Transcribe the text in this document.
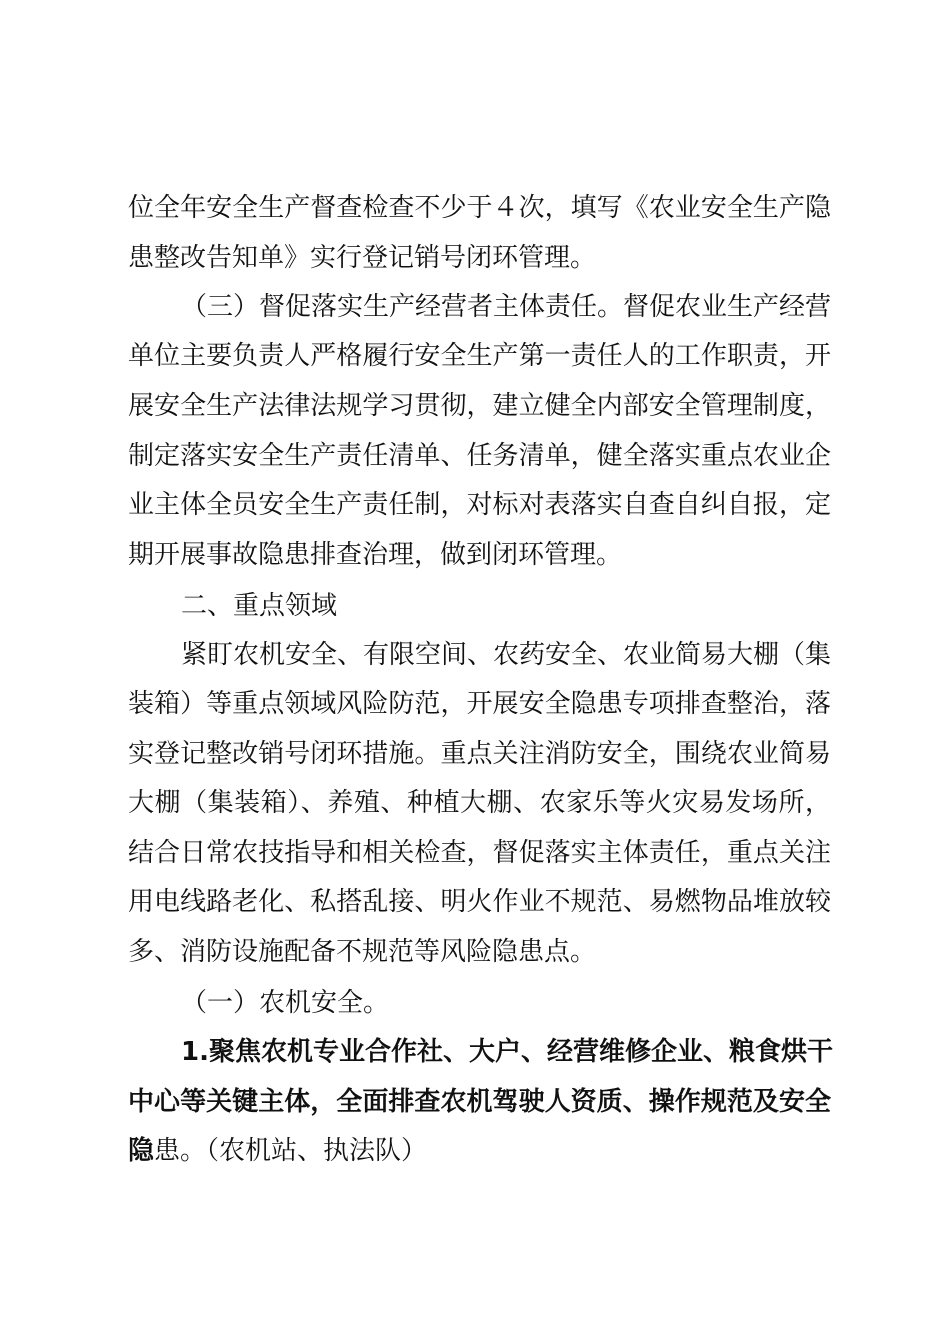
位全年安全生产督查检查不少于４次，填写《农业安全生产隐
患整改告知单》实行登记销号闭环管理。
（三）督促落实生产经营者主体责任。督促农业生产经营
单位主要负责人严格履行安全生产第一责任人的工作职责，开
展安全生产法律法规学习贯彻，建立健全内部安全管理制度，
制定落实安全生产责任清单、任务清单，健全落实重点农业企
业主体全员安全生产责任制，对标对表落实自查自纠自报，定
期开展事故隐患排查治理，做到闭环管理。
二、重点领域
紧盯农机安全、有限空间、农药安全、农业简易大棚（集
装箱）等重点领域风险防范，开展安全隐患专项排查整治，落
实登记整改销号闭环措施。重点关注消防安全，围绕农业简易
大棚（集装箱）、养殖、种植大棚、农家乐等火灾易发场所，
结合日常农技指导和相关检查，督促落实主体责任，重点关注
用电线路老化、私搭乱接、明火作业不规范、易燃物品堆放较
多、消防设施配备不规范等风险隐患点。
（一）农机安全。
1.聚焦农机专业合作社、大户、经营维修企业、粮食烘干
中心等关键主体，全面排查农机驾驶人资质、操作规范及安全
隐患。（农机站、执法队）
